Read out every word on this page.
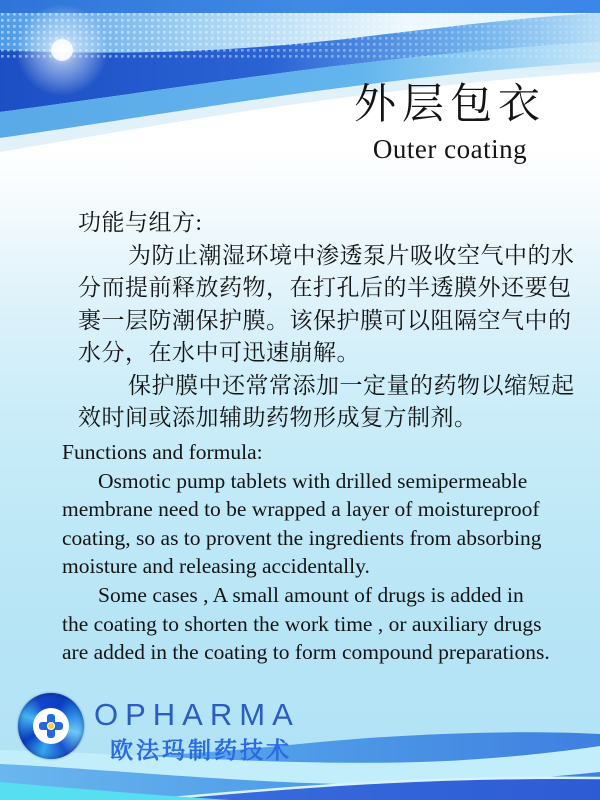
外层包衣
Outer coating
功能与组方:
为防止潮湿环境中渗透泵片吸收空气中的水
分而提前释放药物，在打孔后的半透膜外还要包
裹一层防潮保护膜。该保护膜可以阻隔空气中的
水分，在水中可迅速崩解。
保护膜中还常常添加一定量的药物以缩短起
效时间或添加辅助药物形成复方制剂。
Functions and formula:
Osmotic pump tablets with drilled semipermeable
membrane need to be wrapped a layer of moistureproof
coating, so as to provent the ingredients from absorbing
moisture and releasing accidentally.
Some cases , A small amount of drugs is added in
the coating to shorten the work time , or auxiliary drugs
are added in the coating to form compound preparations.
OPHARMA
欧法玛制药技术
